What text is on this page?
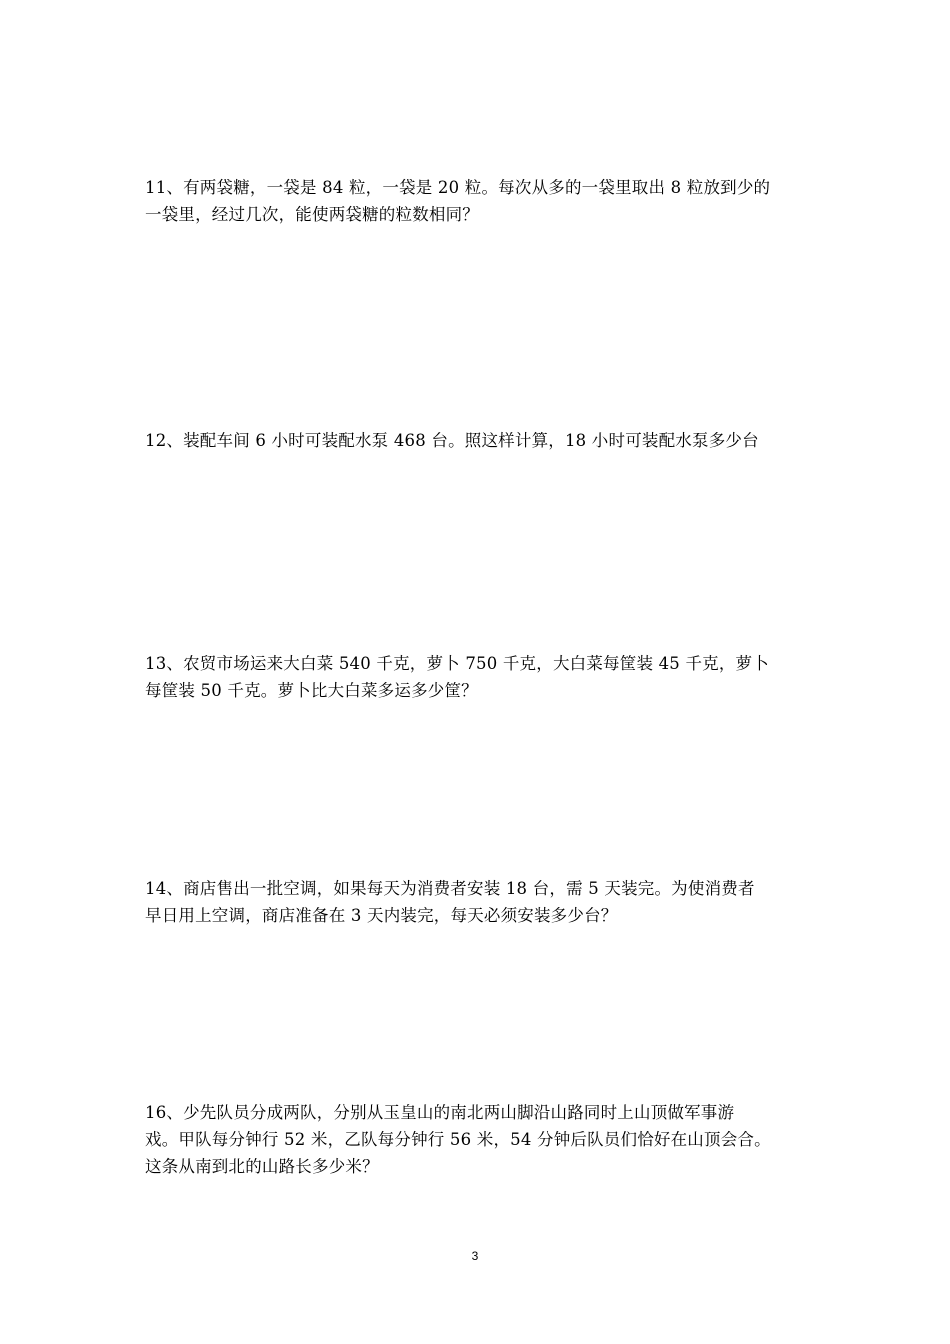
11、有两袋糖，一袋是 84 粒，一袋是 20 粒。每次从多的一袋里取出 8 粒放到少的
一袋里，经过几次，能使两袋糖的粒数相同？

12、装配车间 6 小时可装配水泵 468 台。照这样计算，18 小时可装配水泵多少台

13、农贸市场运来大白菜 540 千克，萝卜 750 千克，大白菜每筐装 45 千克，萝卜
每筐装 50 千克。萝卜比大白菜多运多少筐？

14、商店售出一批空调，如果每天为消费者安装 18 台，需 5 天装完。为使消费者
早日用上空调，商店准备在 3 天内装完，每天必须安装多少台？

16、少先队员分成两队，分别从玉皇山的南北两山脚沿山路同时上山顶做军事游
戏。甲队每分钟行 52 米，乙队每分钟行 56 米，54 分钟后队员们恰好在山顶会合。
这条从南到北的山路长多少米？

3
